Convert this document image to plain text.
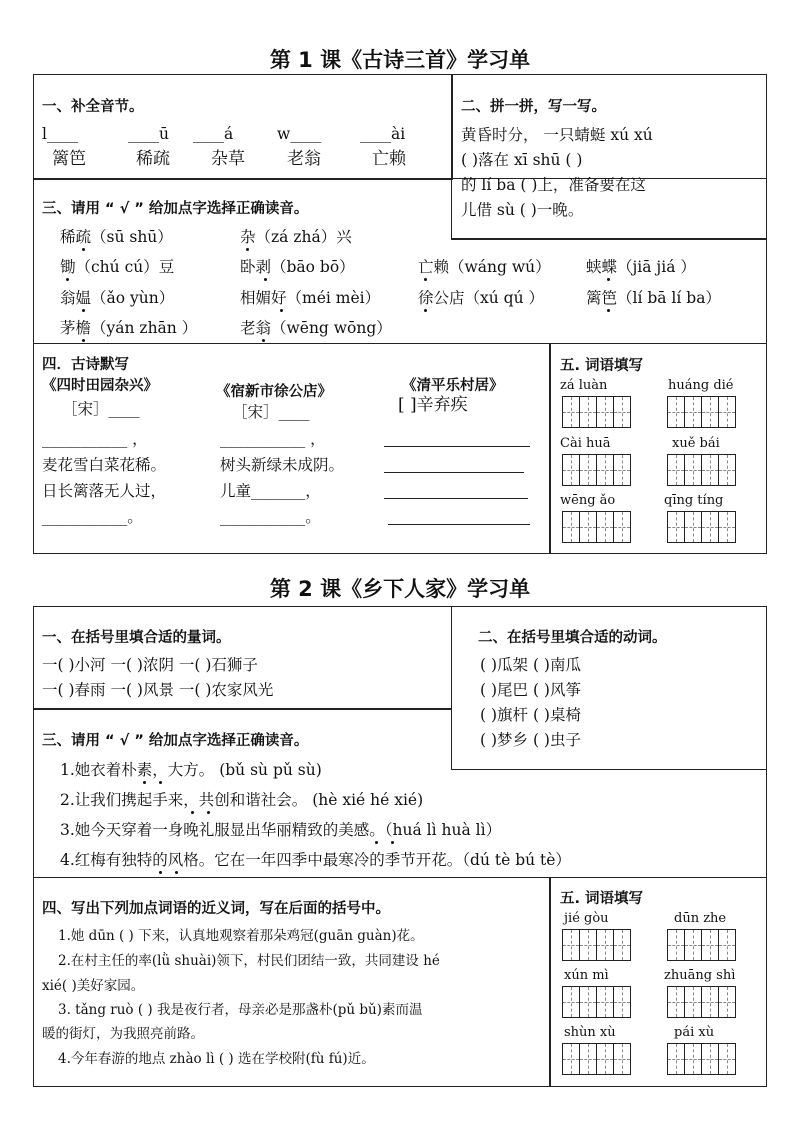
第 1 课《古诗三首》学习单
一、补全音节。
l____	____ū ____á	w____ ____ài
篱笆	稀疏 杂草 老翁	亡赖
二、拼一拼，写一写。
黄昏时分， 一只蜻蜓 xú xú
( )落在 xī shū ( )
的 lí ba ( )上，准备要在这
儿借 sù ( )一晚。
三、请用 “ √ ” 给加点字选择正确读音。
稀疏（sū shū）	杂（zá zhá）兴
锄（chú cú）豆	卧剥（bāo bō）	亡赖（wáng wú） 蛱蝶（jiā jiá ）
翁媪（ǎo yùn）	相媚好（méi mèi） 徐公店（xú qú ）	篱笆（lí bā lí ba）
茅檐（yán zhān ）	老翁（wēng wōng）
四．古诗默写
《四时田园杂兴》
［宋］____
___________ ，
麦花雪白菜花稀。
日长篱落无人过，
___________。
《宿新市徐公店》
［宋］____
___________ ，
树头新绿未成阴。
儿童_______，
___________。
《清平乐村居》
[ ]辛弃疾
五. 词语填写
zá luàn	huáng dié
Cài huā	xuě bái
wēng ǎo	qīng tíng
第 2 课《乡下人家》学习单
一、在括号里填合适的量词。
一( )小河 一( )浓阴 一( )石狮子
一( )春雨 一( )风景 一( )农家风光
二、在括号里填合适的动词。
( )瓜架 ( )南瓜
( )尾巴 ( )风筝
( )旗杆 ( )桌椅
( )梦乡 ( )虫子
三、请用 “ √ ” 给加点字选择正确读音。
1.她衣着朴素，大方。 (bǔ sù pǔ sù)
2.让我们携起手来，共创和谐社会。 (hè xié hé xié)
3.她今天穿着一身晚礼服显出华丽精致的美感。（huá lì huà lì）
4.红梅有独特的风格。它在一年四季中最寒冷的季节开花。（dú tè bú tè）
四、写出下列加点词语的近义词，写在后面的括号中。
1.她 dūn ( ) 下来，认真地观察着那朵鸡冠(guān guàn)花。
2.在村主任的率(lǜ shuài)领下，村民们团结一致，共同建设 hé
xié( )美好家园。
3. tǎng ruò ( ) 我是夜行者，母亲必是那盏朴(pǔ bǔ)素而温
暖的街灯，为我照亮前路。
4.今年春游的地点 zhào lì ( ) 选在学校附(fù fú)近。
五. 词语填写
jié gòu	dūn zhe
xún mì	zhuāng shì
shùn xù	pái xù
